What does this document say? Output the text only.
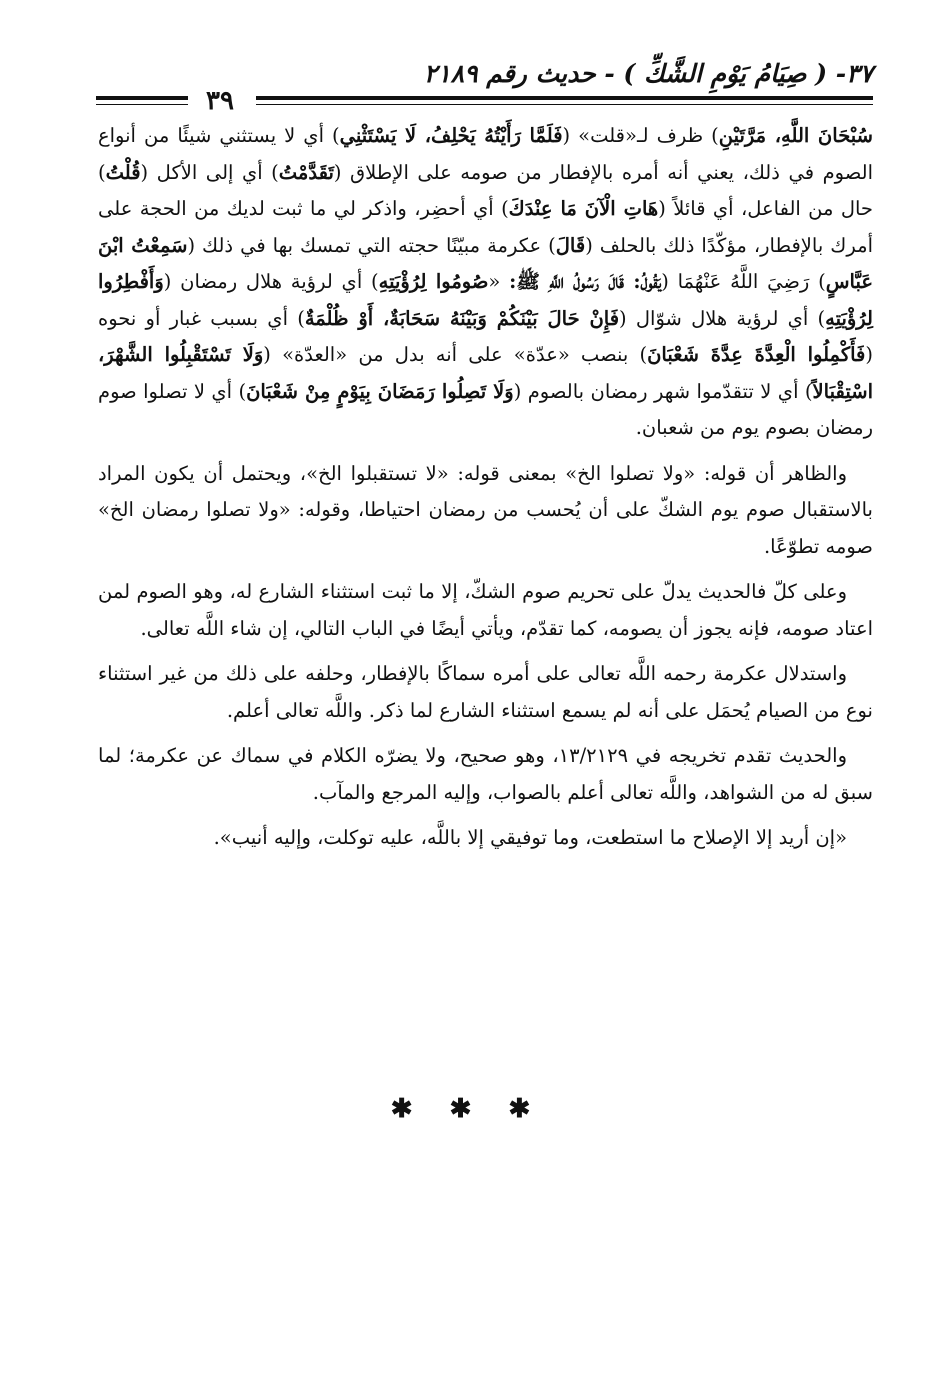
٣٧- ( صِيَامُ يَوْمِ الشَّكِّ ) - حديث رقم ٢١٨٩
٣٩

سُبْحَانَ اللَّهِ، مَرَّتَيْنِ) ظرف لـ«قلت» (فَلَمَّا رَأَيْتُهُ يَحْلِفُ، لَا يَسْتَثْنِي) أي لا يستثني شيئًا من أنواع الصوم في ذلك، يعني أنه أمره بالإفطار من صومه على الإطلاق (تَقَدَّمْتُ) أي إلى الأكل (قُلْتُ) حال من الفاعل، أي قائلاً (هَاتِ الْآنَ مَا عِنْدَكَ) أي أحضِر، واذكر لي ما ثبت لديك من الحجة على أمرك بالإفطار، مؤكّدًا ذلك بالحلف (قَالَ) عكرمة مبيّنًا حجته التي تمسك بها في ذلك (سَمِعْتُ ابْنَ عَبَّاسٍ) رَضِيَ اللَّهُ عَنْهُمَا (يَقُولُ: قَالَ رَسُولُ اللَّهِ ﷺ: «صُومُوا لِرُؤْيَتِهِ) أي لرؤية هلال رمضان (وَأَفْطِرُوا لِرُؤْيَتِهِ) أي لرؤية هلال شوّال (فَإِنْ حَالَ بَيْنَكُمْ وَبَيْنَهُ سَحَابَةٌ، أَوْ ظُلْمَةٌ) أي بسبب غبار أو نحوه (فَأَكْمِلُوا الْعِدَّةَ عِدَّةَ شَعْبَانَ) بنصب «عدّة» على أنه بدل من «العدّة» (وَلَا تَسْتَقْبِلُوا الشَّهْرَ، اسْتِقْبَالاً) أي لا تتقدّموا شهر رمضان بالصوم (وَلَا تَصِلُوا رَمَضَانَ بِيَوْمٍ مِنْ شَعْبَانَ) أي لا تصلوا صوم رمضان بصوم يوم من شعبان.

والظاهر أن قوله: «ولا تصلوا الخ» بمعنى قوله: «لا تستقبلوا الخ»، ويحتمل أن يكون المراد بالاستقبال صوم يوم الشكّ على أن يُحسب من رمضان احتياطا، وقوله: «ولا تصلوا رمضان الخ» صومه تطوّعًا.

وعلى كلّ فالحديث يدلّ على تحريم صوم الشكّ، إلا ما ثبت استثناء الشارع له، وهو الصوم لمن اعتاد صومه، فإنه يجوز أن يصومه، كما تقدّم، ويأتي أيضًا في الباب التالي، إن شاء اللَّه تعالى.

واستدلال عكرمة رحمه اللَّه تعالى على أمره سماكًا بالإفطار، وحلفه على ذلك من غير استثناء نوع من الصيام يُحمَل على أنه لم يسمع استثناء الشارع لما ذكر. واللَّه تعالى أعلم.

والحديث تقدم تخريجه في ١٣/٢١٢٩، وهو صحيح، ولا يضرّه الكلام في سماك عن عكرمة؛ لما سبق له من الشواهد، واللَّه تعالى أعلم بالصواب، وإليه المرجع والمآب.

«إن أريد إلا الإصلاح ما استطعت، وما توفيقي إلا باللَّه، عليه توكلت، وإليه أنيب».

✱ ✱ ✱
